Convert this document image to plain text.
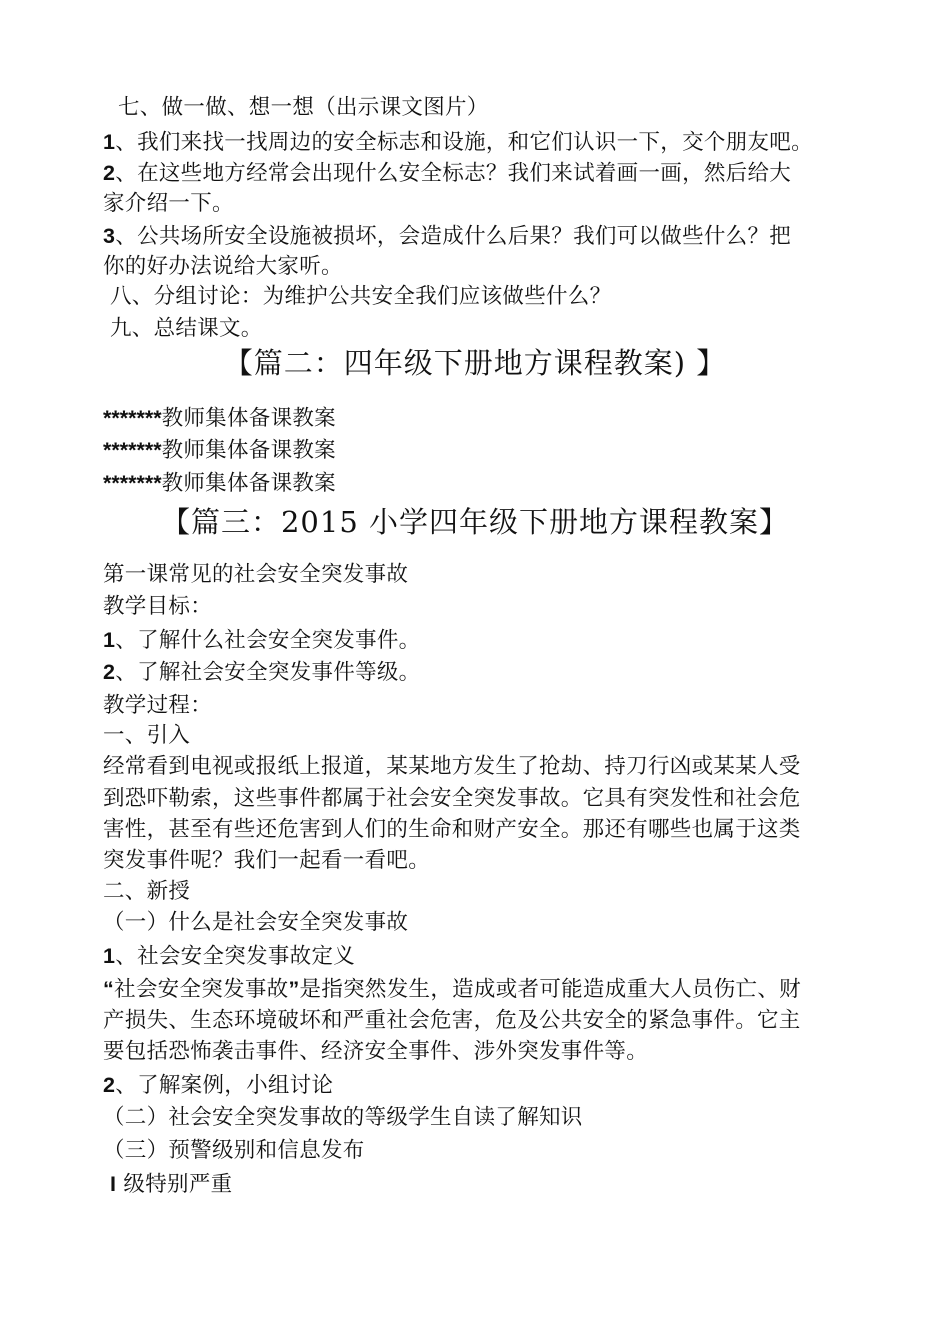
七、做一做、想一想（出示课文图片）
1、我们来找一找周边的安全标志和设施，和它们认识一下，交个朋友吧。
2、在这些地方经常会出现什么安全标志？我们来试着画一画，然后给大
家介绍一下。
3、公共场所安全设施被损坏，会造成什么后果？我们可以做些什么？把
你的好办法说给大家听。
八、分组讨论：为维护公共安全我们应该做些什么？
九、总结课文。
【篇二：四年级下册地方课程教案) 】
*******教师集体备课教案
*******教师集体备课教案
*******教师集体备课教案
【篇三：2015 小学四年级下册地方课程教案】
第一课常见的社会安全突发事故
教学目标：
1、了解什么社会安全突发事件。
2、了解社会安全突发事件等级。
教学过程：
一、引入
经常看到电视或报纸上报道，某某地方发生了抢劫、持刀行凶或某某人受
到恐吓勒索，这些事件都属于社会安全突发事故。它具有突发性和社会危
害性，甚至有些还危害到人们的生命和财产安全。那还有哪些也属于这类
突发事件呢？我们一起看一看吧。
二、新授
（一）什么是社会安全突发事故
1、社会安全突发事故定义
“社会安全突发事故”是指突然发生，造成或者可能造成重大人员伤亡、财
产损失、生态环境破坏和严重社会危害，危及公共安全的紧急事件。它主
要包括恐怖袭击事件、经济安全事件、涉外突发事件等。
2、了解案例，小组讨论
（二）社会安全突发事故的等级学生自读了解知识
（三）预警级别和信息发布
I 级特别严重
